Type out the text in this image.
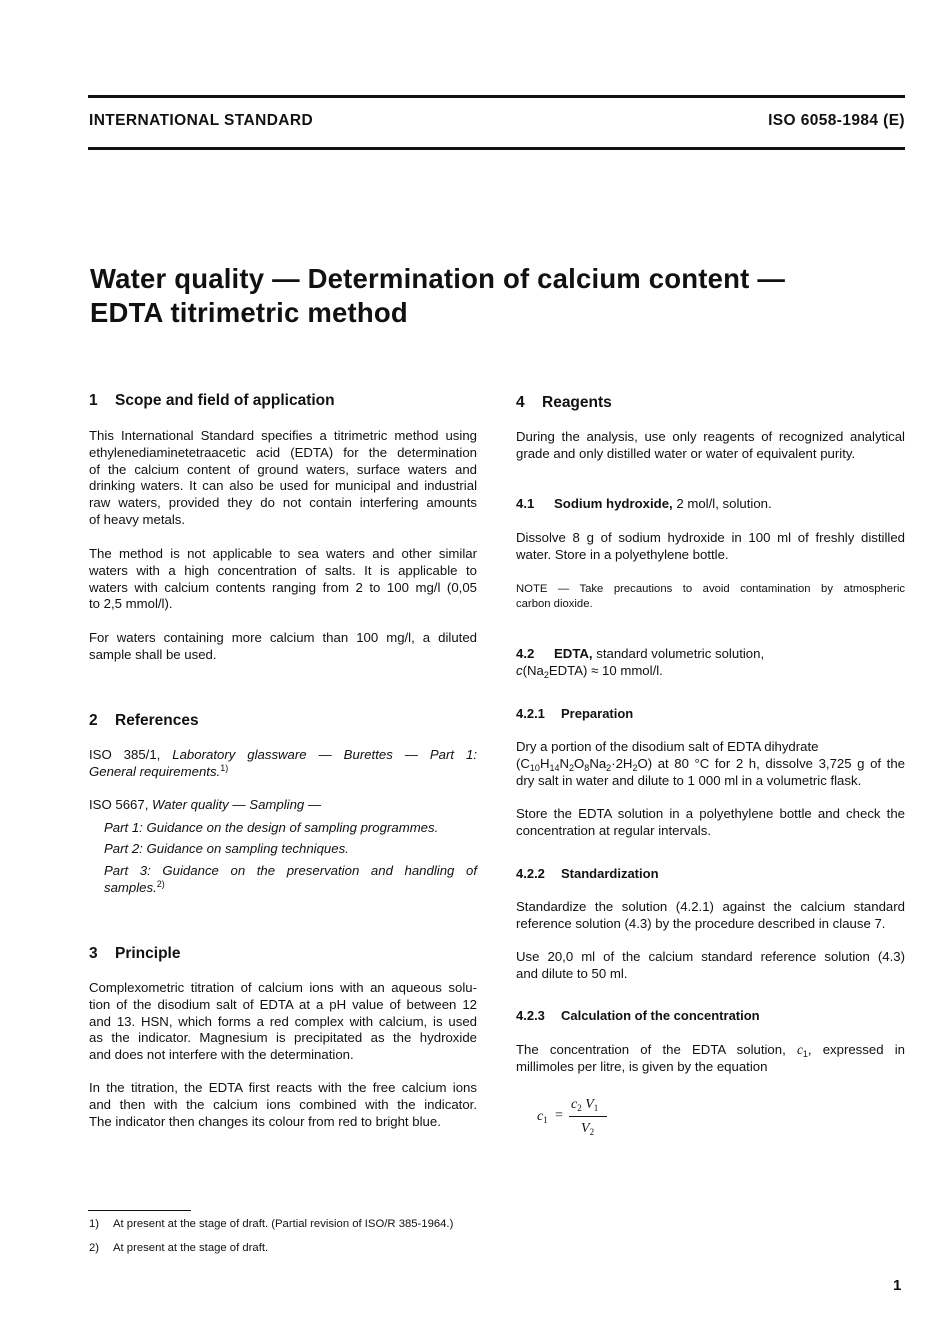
INTERNATIONAL STANDARD	ISO 6058-1984 (E)
Water quality — Determination of calcium content —
EDTA titrimetric method
1 Scope and field of application
This International Standard specifies a titrimetric method using
ethylenediaminetetraacetic acid (EDTA) for the determination
of the calcium content of ground waters, surface waters and
drinking waters. It can also be used for municipal and industrial
raw waters, provided they do not contain interfering amounts
of heavy metals.
The method is not applicable to sea waters and other similar
waters with a high concentration of salts. It is applicable to
waters with calcium contents ranging from 2 to 100 mg/l (0,05
to 2,5 mmol/l).
For waters containing more calcium than 100 mg/l, a diluted
sample shall be used.
2 References
ISO 385/1, Laboratory glassware — Burettes — Part 1:
General requirements.$^{1)}$
ISO 5667, Water quality — Sampling —
Part 1: Guidance on the design of sampling programmes.
Part 2: Guidance on sampling techniques.
Part 3: Guidance on the preservation and handling of
samples.$^{2)}$
3 Principle
Complexometric titration of calcium ions with an aqueous solu-
tion of the disodium salt of EDTA at a pH value of between 12
and 13. HSN, which forms a red complex with calcium, is used
as the indicator. Magnesium is precipitated as the hydroxide
and does not interfere with the determination.
In the titration, the EDTA first reacts with the free calcium ions
and then with the calcium ions combined with the indicator.
The indicator then changes its colour from red to bright blue.
4 Reagents
During the analysis, use only reagents of recognized analytical
grade and only distilled water or water of equivalent purity.
4.1 Sodium hydroxide, 2 mol/l, solution.
Dissolve 8 g of sodium hydroxide in 100 ml of freshly distilled
water. Store in a polyethylene bottle.
NOTE — Take precautions to avoid contamination by atmospheric
carbon dioxide.
4.2 EDTA, standard volumetric solution,
$c(Na_2EDTA) \approx 10$ mmol/l.
4.2.1 Preparation
Dry a portion of the disodium salt of EDTA dihydrate
$(C_{10}H_{14}N_2O_8Na_2\cdot 2H_2O)$ at 80 °C for 2 h, dissolve 3,725 g of the
dry salt in water and dilute to 1 000 ml in a volumetric flask.
Store the EDTA solution in a polyethylene bottle and check the
concentration at regular intervals.
4.2.2 Standardization
Standardize the solution (4.2.1) against the calcium standard
reference solution (4.3) by the procedure described in clause 7.
Use 20,0 ml of the calcium standard reference solution (4.3)
and dilute to 50 ml.
4.2.3 Calculation of the concentration
The concentration of the EDTA solution, $c_1$, expressed in
millimoles per litre, is given by the equation
$c_1$ =
$c_2$ $V_1$
$V_2$
1) At present at the stage of draft. (Partial revision of ISO/R 385-1964.)
2) At present at the stage of draft.
1
